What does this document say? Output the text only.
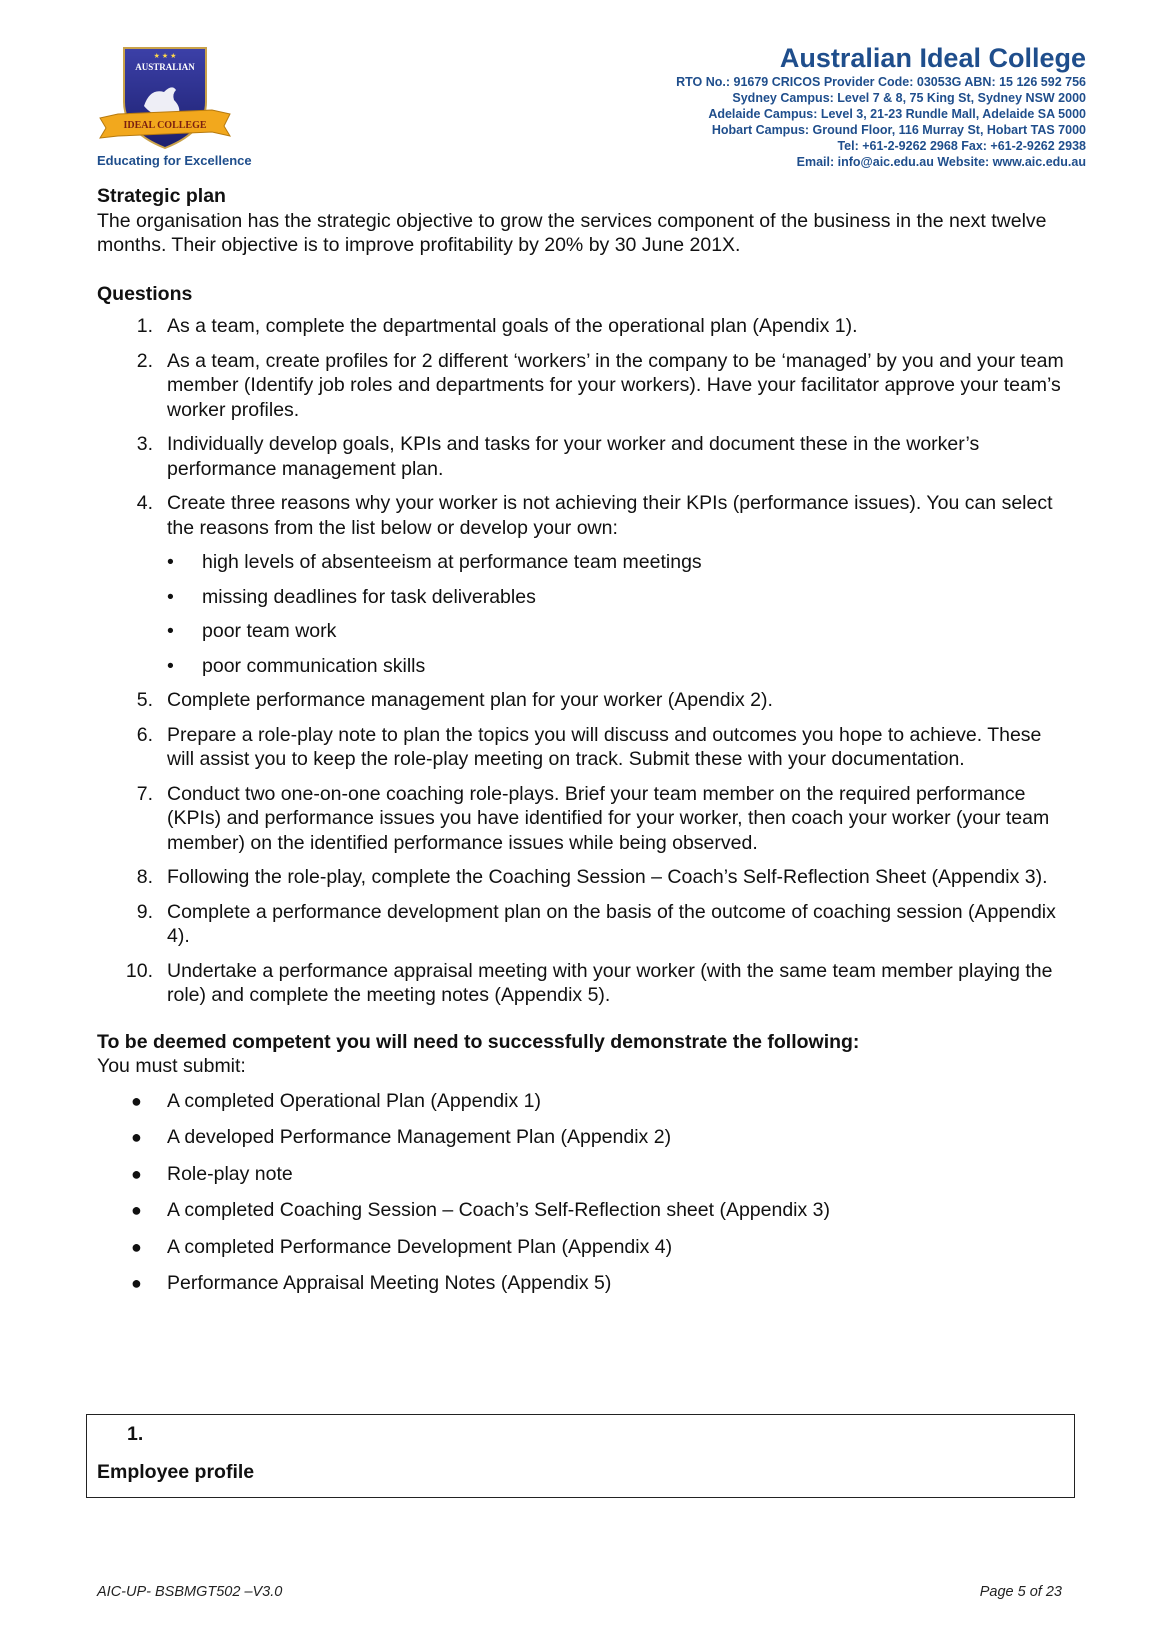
AUSTRALIAN
★ ★ ★
IDEAL COLLEGE
Educating for Excellence
Australian Ideal College
RTO No.: 91679 CRICOS Provider Code: 03053G ABN: 15 126 592 756
Sydney Campus: Level 7 & 8, 75 King St, Sydney NSW 2000
Adelaide Campus: Level 3, 21-23 Rundle Mall, Adelaide SA 5000
Hobart Campus: Ground Floor, 116 Murray St, Hobart TAS 7000
Tel: +61-2-9262 2968 Fax: +61-2-9262 2938
Email: info@aic.edu.au Website: www.aic.edu.au
Strategic plan

The organisation has the strategic objective to grow the services component of the business in the next twelve months. Their objective is to improve profitability by 20% by 30 June 201X.

Questions
1. As a team, complete the departmental goals of the operational plan (Apendix 1).
2. As a team, create profiles for 2 different ‘workers’ in the company to be ‘managed’ by you and your team member (Identify job roles and departments for your workers). Have your facilitator approve your team’s worker profiles.
3. Individually develop goals, KPIs and tasks for your worker and document these in the worker’s performance management plan.
4. Create three reasons why your worker is not achieving their KPIs (performance issues). You can select the reasons from the list below or develop your own:
• high levels of absenteeism at performance team meetings
• missing deadlines for task deliverables
• poor team work
• poor communication skills
5. Complete performance management plan for your worker (Apendix 2).
6. Prepare a role-play note to plan the topics you will discuss and outcomes you hope to achieve. These will assist you to keep the role-play meeting on track. Submit these with your documentation.
7. Conduct two one-on-one coaching role-plays. Brief your team member on the required performance (KPIs) and performance issues you have identified for your worker, then coach your worker (your team member) on the identified performance issues while being observed.
8. Following the role-play, complete the Coaching Session – Coach’s Self-Reflection Sheet (Appendix 3).
9. Complete a performance development plan on the basis of the outcome of coaching session (Appendix 4).
10. Undertake a performance appraisal meeting with your worker (with the same team member playing the role) and complete the meeting notes (Appendix 5).
To be deemed competent you will need to successfully demonstrate the following:
You must submit:
● A completed Operational Plan (Appendix 1)
● A developed Performance Management Plan (Appendix 2)
● Role-play note
● A completed Coaching Session – Coach’s Self-Reflection sheet (Appendix 3)
● A completed Performance Development Plan (Appendix 4)
● Performance Appraisal Meeting Notes (Appendix 5)
1.
Employee profile
AIC-UP- BSBMGT502 –V3.0	Page 5 of 23
